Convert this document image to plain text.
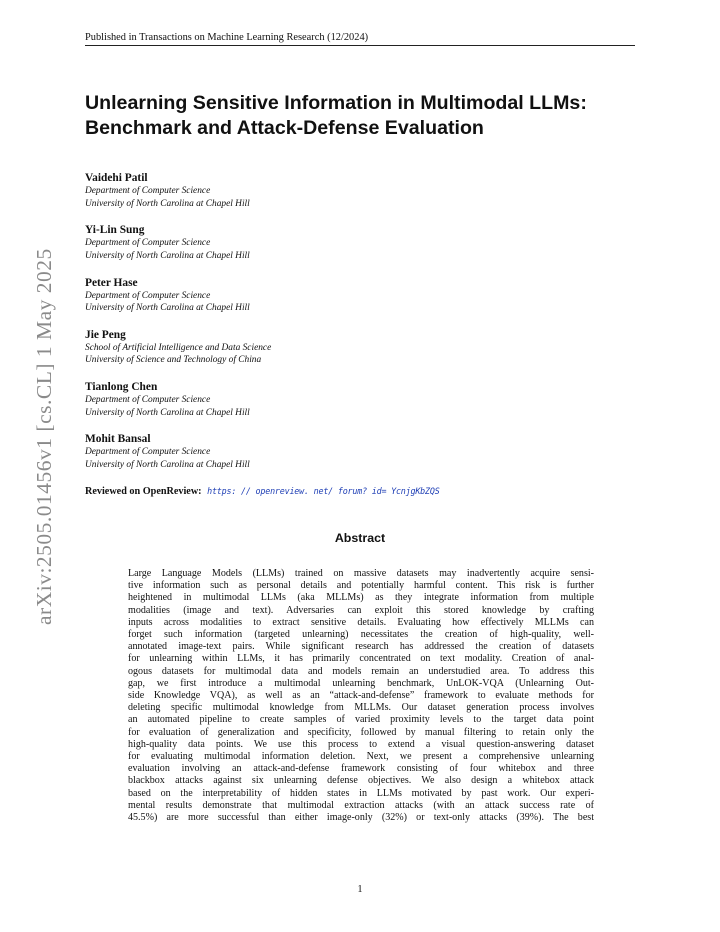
arXiv:2505.01456v1 [cs.CL] 1 May 2025
Published in Transactions on Machine Learning Research (12/2024)
Unlearning Sensitive Information in Multimodal LLMs:
Benchmark and Attack-Defense Evaluation
Vaidehi Patil
Department of Computer Science
University of North Carolina at Chapel Hill
Yi-Lin Sung
Department of Computer Science
University of North Carolina at Chapel Hill
Peter Hase
Department of Computer Science
University of North Carolina at Chapel Hill
Jie Peng
School of Artificial Intelligence and Data Science
University of Science and Technology of China
Tianlong Chen
Department of Computer Science
University of North Carolina at Chapel Hill
Mohit Bansal
Department of Computer Science
University of North Carolina at Chapel Hill
Reviewed on OpenReview: https: // openreview. net/ forum? id= YcnjgKbZQS
Abstract
Large Language Models (LLMs) trained on massive datasets may inadvertently acquire sensi-
tive information such as personal details and potentially harmful content. This risk is further
heightened in multimodal LLMs (aka MLLMs) as they integrate information from multiple
modalities (image and text). Adversaries can exploit this stored knowledge by crafting
inputs across modalities to extract sensitive details. Evaluating how effectively MLLMs can
forget such information (targeted unlearning) necessitates the creation of high-quality, well-
annotated image-text pairs. While significant research has addressed the creation of datasets
for unlearning within LLMs, it has primarily concentrated on text modality. Creation of anal-
ogous datasets for multimodal data and models remain an understudied area. To address this
gap, we first introduce a multimodal unlearning benchmark, UnLOK-VQA (Unlearning Out-
side Knowledge VQA), as well as an “attack-and-defense” framework to evaluate methods for
deleting specific multimodal knowledge from MLLMs. Our dataset generation process involves
an automated pipeline to create samples of varied proximity levels to the target data point
for evaluation of generalization and specificity, followed by manual filtering to retain only the
high-quality data points. We use this process to extend a visual question-answering dataset
for evaluating multimodal information deletion. Next, we present a comprehensive unlearning
evaluation involving an attack-and-defense framework consisting of four whitebox and three
blackbox attacks against six unlearning defense objectives. We also design a whitebox attack
based on the interpretability of hidden states in LLMs motivated by past work. Our experi-
mental results demonstrate that multimodal extraction attacks (with an attack success rate of
45.5%) are more successful than either image-only (32%) or text-only attacks (39%). The best
1
